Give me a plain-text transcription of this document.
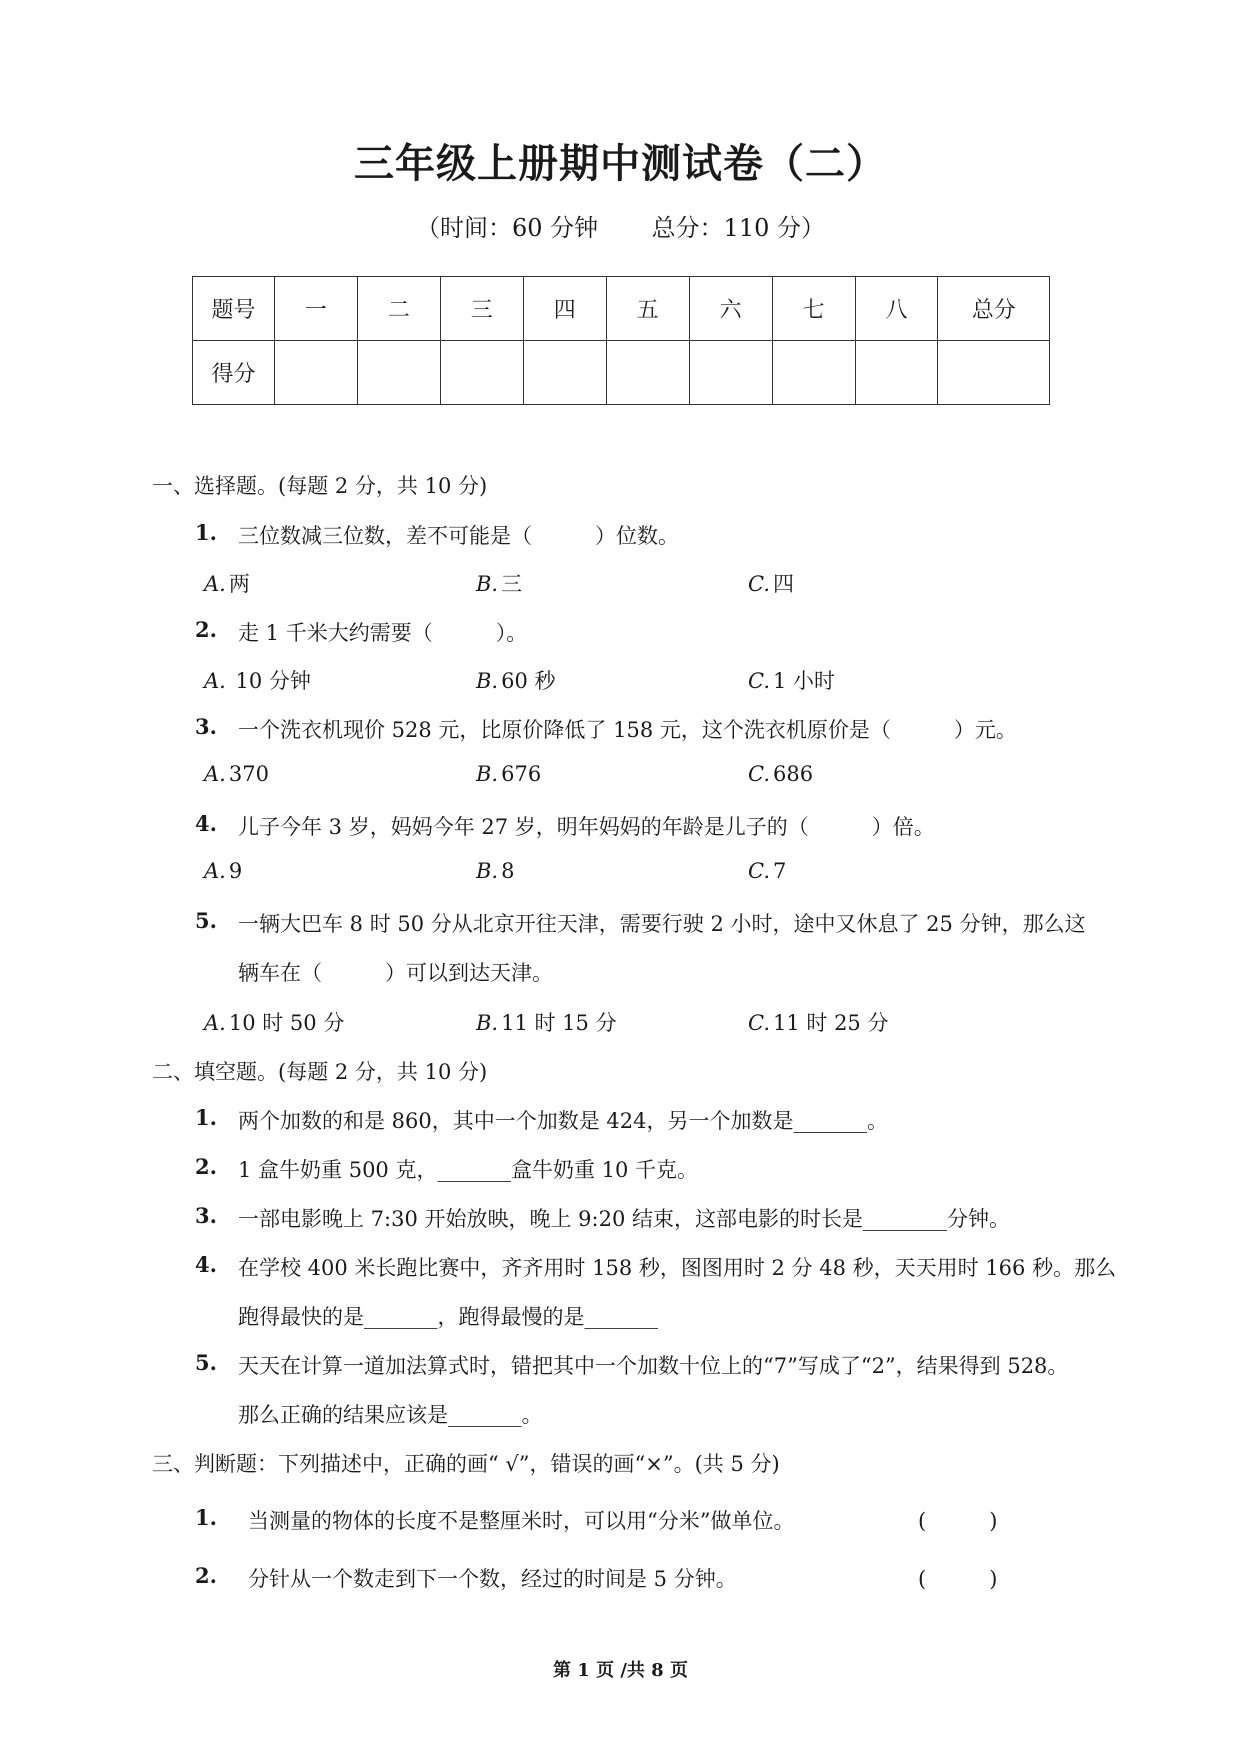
三年级上册期中测试卷（二）
（时间：60 分钟       总分：110 分）
题号	一	二	三	四	五	六	七	八	总分
得分									
一、选择题。(每题 2 分，共 10 分)
1. 三位数减三位数，差不可能是（　　　）位数。
A. 两	B. 三	C. 四
2. 走 1 千米大约需要（　　　）。
A. 10 分钟	B. 60 秒	C. 1 小时
3. 一个洗衣机现价 528 元，比原价降低了 158 元，这个洗衣机原价是（　　　）元。
A. 370	B. 676	C. 686
4. 儿子今年 3 岁，妈妈今年 27 岁，明年妈妈的年龄是儿子的（　　　）倍。
A. 9	B. 8	C. 7
5. 一辆大巴车 8 时 50 分从北京开往天津，需要行驶 2 小时，途中又休息了 25 分钟，那么这
辆车在（　　　）可以到达天津。
A. 10 时 50 分	B. 11 时 15 分	C. 11 时 25 分
二、填空题。(每题 2 分，共 10 分)
1. 两个加数的和是 860，其中一个加数是 424，另一个加数是_______。
2. 1 盒牛奶重 500 克，_______盒牛奶重 10 千克。
3. 一部电影晚上 7:30 开始放映，晚上 9:20 结束，这部电影的时长是________分钟。
4. 在学校 400 米长跑比赛中，齐齐用时 158 秒，图图用时 2 分 48 秒，天天用时 166 秒。那么
跑得最快的是_______，跑得最慢的是_______
5. 天天在计算一道加法算式时，错把其中一个加数十位上的“7”写成了“2”，结果得到 528。
那么正确的结果应该是_______。
三、判断题：下列描述中，正确的画“ √”，错误的画“×”。(共 5 分)
1. 当测量的物体的长度不是整厘米时，可以用“分米”做单位。	(　　　)
2. 分针从一个数走到下一个数，经过的时间是 5 分钟。	(　　　)
第 1 页 /共 8 页
